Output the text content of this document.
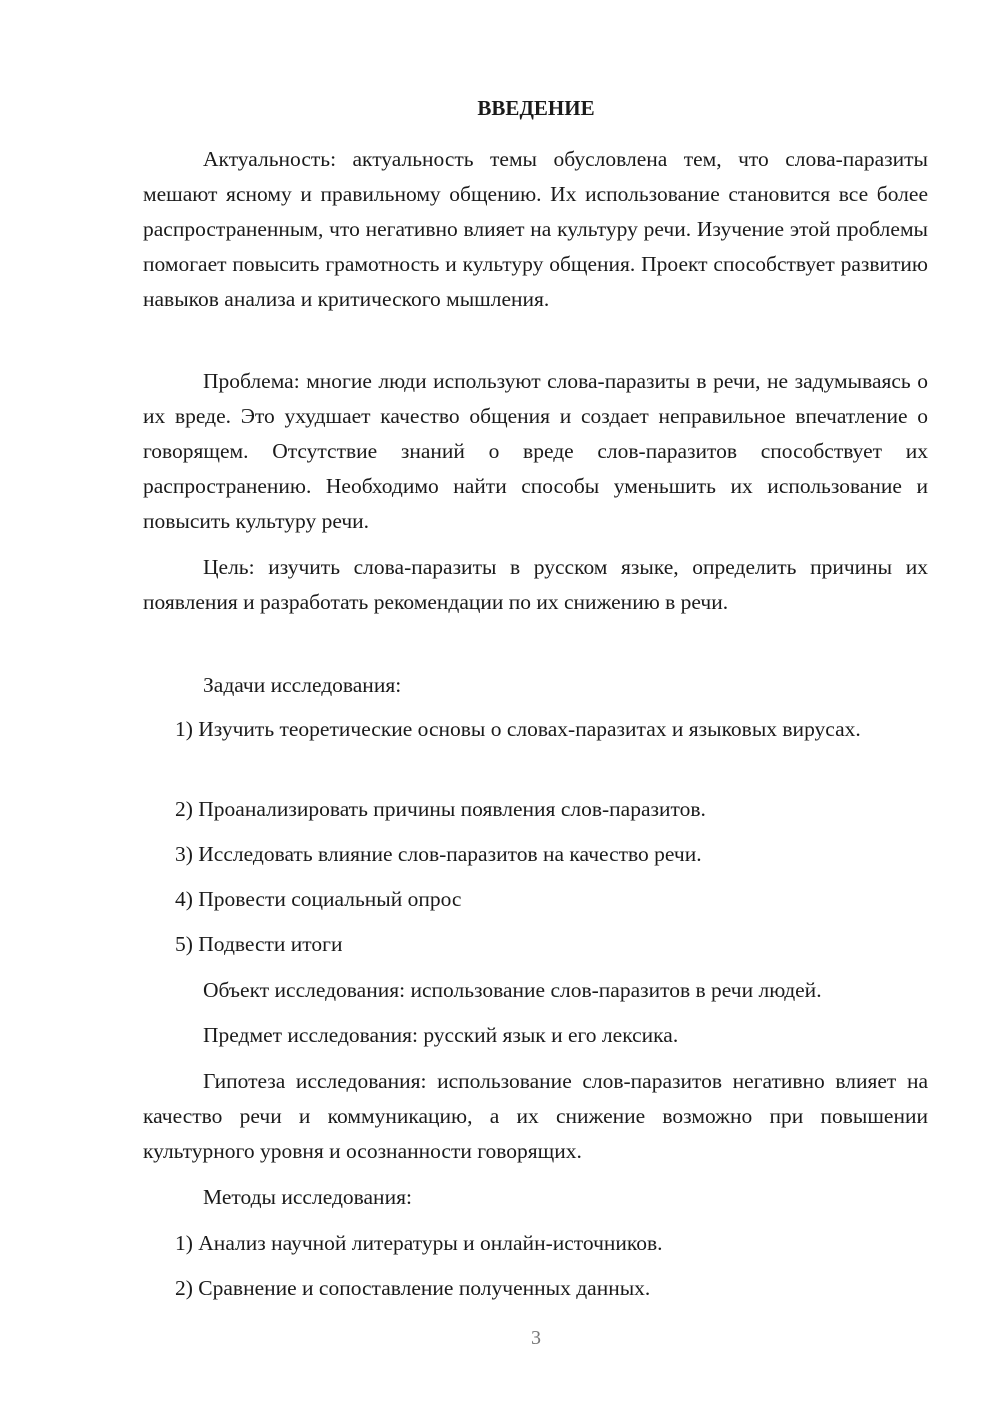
ВВЕДЕНИЕ

Актуальность: актуальность темы обусловлена тем, что слова-паразиты мешают ясному и правильному общению. Их использование становится все более распространенным, что негативно влияет на культуру речи. Изучение этой проблемы помогает повысить грамотность и культуру общения. Проект способствует развитию навыков анализа и критического мышления.

Проблема: многие люди используют слова-паразиты в речи, не задумываясь о их вреде. Это ухудшает качество общения и создает неправильное впечатление о говорящем. Отсутствие знаний о вреде слов-паразитов способствует их распространению. Необходимо найти способы уменьшить их использование и повысить культуру речи.

Цель: изучить слова-паразиты в русском языке, определить причины их появления и разработать рекомендации по их снижению в речи.

Задачи исследования:

1) Изучить теоретические основы о словах-паразитах и языковых вирусах.

2) Проанализировать причины появления слов-паразитов.

3) Исследовать влияние слов-паразитов на качество речи.

4) Провести социальный опрос

5) Подвести итоги

Объект исследования: использование слов-паразитов в речи людей.

Предмет исследования: русский язык и его лексика.

Гипотеза исследования: использование слов-паразитов негативно влияет на качество речи и коммуникацию, а их снижение возможно при повышении культурного уровня и осознанности говорящих.

Методы исследования:

1) Анализ научной литературы и онлайн-источников.

2) Сравнение и сопоставление полученных данных.

3
